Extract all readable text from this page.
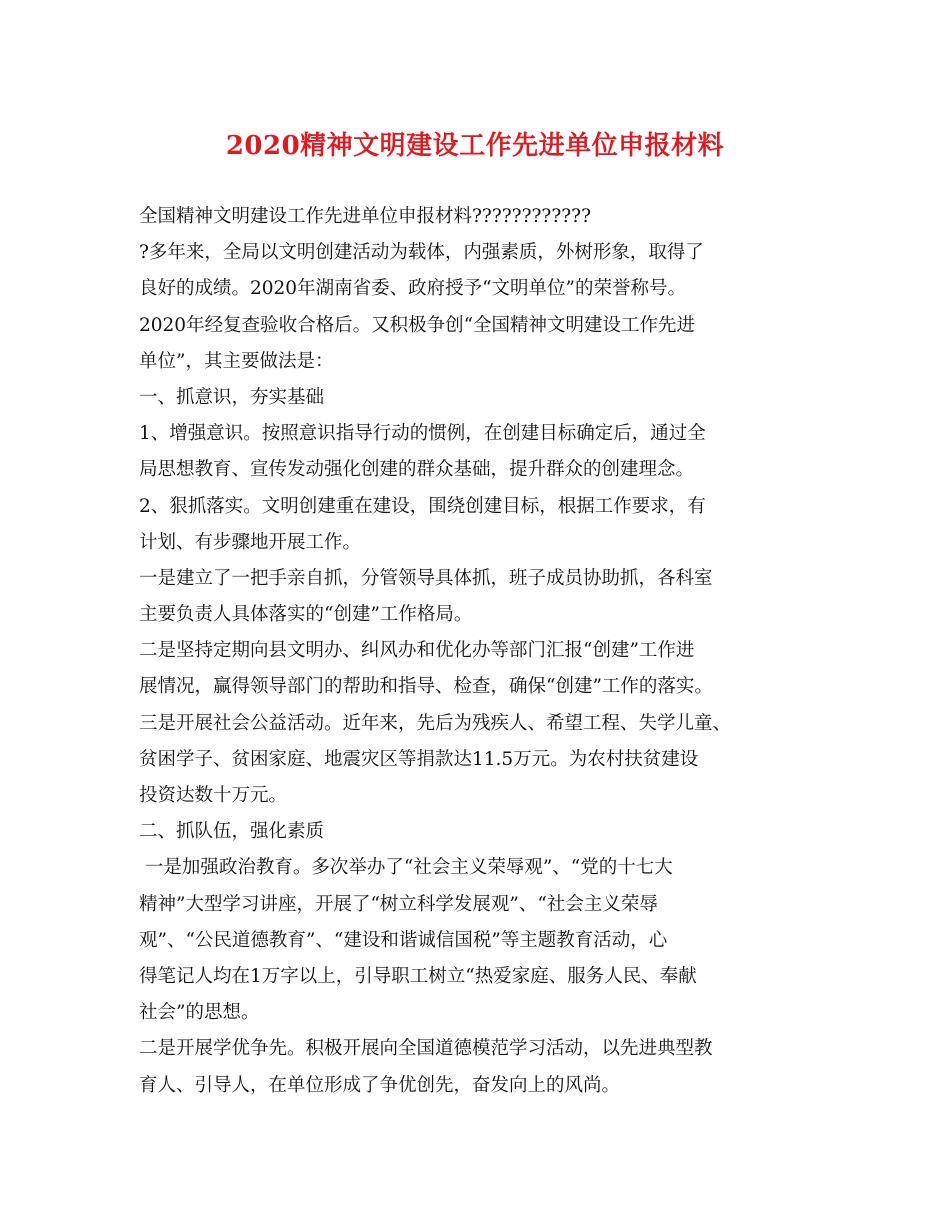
2020精神文明建设工作先进单位申报材料
全国精神文明建设工作先进单位申报材料????????????
?多年来，全局以文明创建活动为载体，内强素质，外树形象，取得了
良好的成绩。2020年湖南省委、政府授予“文明单位”的荣誉称号。
2020年经复查验收合格后。又积极争创“全国精神文明建设工作先进
单位”，其主要做法是：
一、抓意识，夯实基础
1、增强意识。按照意识指导行动的惯例，在创建目标确定后，通过全
局思想教育、宣传发动强化创建的群众基础，提升群众的创建理念。
2、狠抓落实。文明创建重在建设，围绕创建目标，根据工作要求，有
计划、有步骤地开展工作。
一是建立了一把手亲自抓，分管领导具体抓，班子成员协助抓，各科室
主要负责人具体落实的“创建”工作格局。
二是坚持定期向县文明办、纠风办和优化办等部门汇报“创建”工作进
展情况，赢得领导部门的帮助和指导、检查，确保“创建”工作的落实。
三是开展社会公益活动。近年来，先后为残疾人、希望工程、失学儿童、
贫困学子、贫困家庭、地震灾区等捐款达11.5万元。为农村扶贫建设
投资达数十万元。
二、抓队伍，强化素质
一是加强政治教育。多次举办了“社会主义荣辱观”、“党的十七大
精神”大型学习讲座，开展了“树立科学发展观”、“社会主义荣辱
观”、“公民道德教育”、“建设和谐诚信国税”等主题教育活动，心
得笔记人均在1万字以上，引导职工树立“热爱家庭、服务人民、奉献
社会”的思想。
二是开展学优争先。积极开展向全国道德模范学习活动，以先进典型教
育人、引导人，在单位形成了争优创先，奋发向上的风尚。
